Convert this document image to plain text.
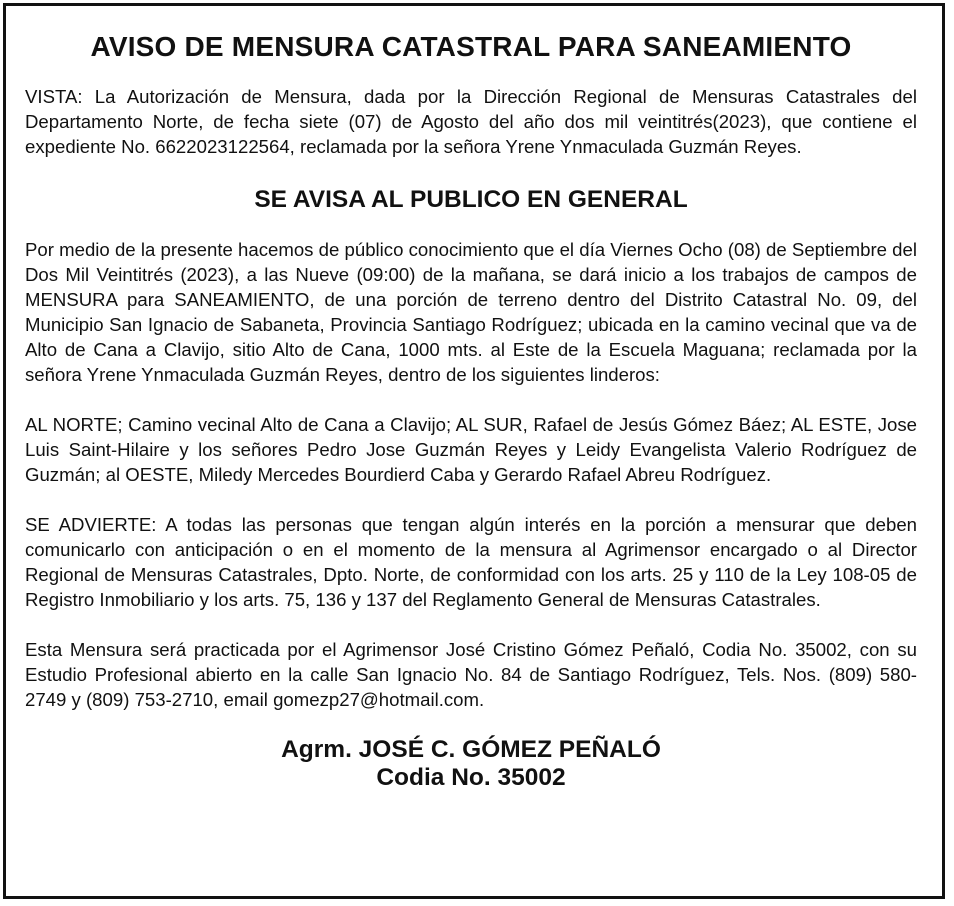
AVISO DE MENSURA CATASTRAL PARA SANEAMIENTO

VISTA: La Autorización de Mensura, dada por la Dirección Regional de Mensuras Catastrales del Departamento Norte, de fecha siete (07) de Agosto del año dos mil veintitrés(2023), que contiene el expediente No. 6622023122564, reclamada por la señora Yrene Ynmaculada Guzmán Reyes.

SE AVISA AL PUBLICO EN GENERAL

Por medio de la presente hacemos de público conocimiento que el día Viernes Ocho (08) de Septiembre del Dos Mil Veintitrés (2023), a las Nueve (09:00) de la mañana, se dará inicio a los trabajos de campos de MENSURA para SANEAMIENTO, de una porción de terreno dentro del Distrito Catastral No. 09, del Municipio San Ignacio de Sabaneta, Provincia Santiago Rodríguez; ubicada en la camino vecinal que va de Alto de Cana a Clavijo, sitio Alto de Cana, 1000 mts. al Este de la Escuela Maguana; reclamada por la señora Yrene Ynmaculada Guzmán Reyes, dentro de los siguientes linderos:

AL NORTE; Camino vecinal Alto de Cana a Clavijo; AL SUR, Rafael de Jesús Gómez Báez; AL ESTE, Jose Luis Saint-Hilaire y los señores Pedro Jose Guzmán Reyes y Leidy Evangelista Valerio Rodríguez de Guzmán; al OESTE, Miledy Mercedes Bourdierd Caba y Gerardo Rafael Abreu Rodríguez.

SE ADVIERTE: A todas las personas que tengan algún interés en la porción a mensurar que deben comunicarlo con anticipación o en el momento de la mensura al Agrimensor encargado o al Director Regional de Mensuras Catastrales, Dpto. Norte, de conformidad con los arts. 25 y 110 de la Ley 108-05 de Registro Inmobiliario y los arts. 75, 136 y 137 del Reglamento General de Mensuras Catastrales.

Esta Mensura será practicada por el Agrimensor José Cristino Gómez Peñaló, Codia No. 35002, con su Estudio Profesional abierto en la calle San Ignacio No. 84 de Santiago Rodríguez, Tels. Nos. (809) 580-2749 y (809) 753-2710, email gomezp27@hotmail.com.

Agrm. JOSÉ C. GÓMEZ PEÑALÓ
Codia No. 35002
